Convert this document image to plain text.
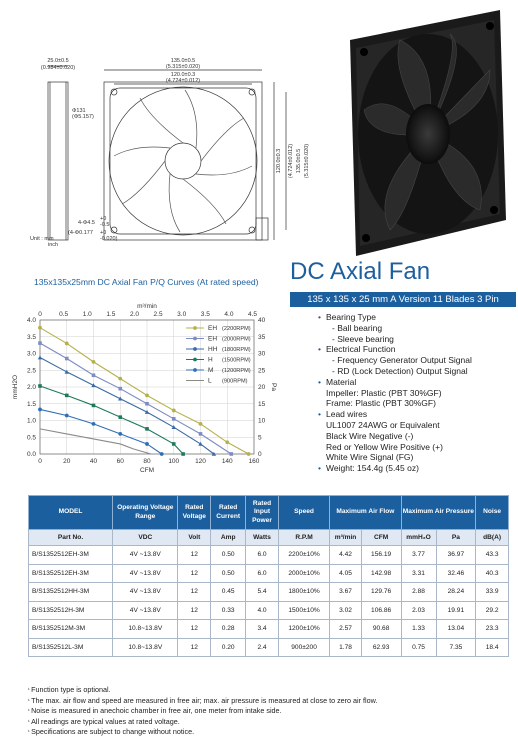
25.0±0.5
(0.984±0.020)
135.0±0.5
(5.315±0.020)
120.0±0.3
(4.724±0.012)
Φ131
(Φ5.157)
4-Φ4.5
+0
-0.5
(4-Φ0.177 +0
-0.020)
Unit : mm
inch
120.0±0.3 (4.724±0.012) 135.0±0.5 (5.315±0.020)
135x135x25mm DC Axial Fan P/Q Curves (At rated speed)
0	20	40	60	80	100 120 140 160
0.0
0.5
1.0
1.5
2.0
2.5
3.0
3.5
4.0
0
5
10
15
20
25
30
35
40
0	0.5 1.0 1.5 2.0 2.5 3.0 3.5 4.0 4.5
m³/min
CFM
mmH2O	Pa
EH (2200RPM)
EH (2000RPM)
HH (1800RPM)
H (1500RPM)
M (1200RPM)
L (900RPM)
DC Axial Fan
135 x 135 x 25 mm A Version 11 Blades 3 Pin
• Bearing Type
- Ball bearing
- Sleeve bearing
• Electrical Function
- Frequency Generator Output Signal
- RD (Lock Detection) Output Signal
• Material
Impeller: Plastic (PBT 30%GF)
Frame: Plastic (PBT 30%GF)
• Lead wires
UL1007 24AWG or Equivalent
Black Wire Negative (-)
Red or Yellow Wire Positive (+)
White Wire Signal (FG)
• Weight: 154.4g (5.45 oz)
MODEL	Operating Voltage Range	Rated Voltage	Rated Current	Rated Input Power	Speed	Maximum Air Flow		Maximum Air Pressure		Noise
Part No.	VDC	Volt	Amp	Watts	R.P.M	m³/min	CFM	mmH₂O	Pa	dB(A)
B/S1352512EH-3M	4V ~13.8V	12	0.50	6.0	2200±10%	4.42	156.19	3.77	36.97	43.3
B/S1352512EH-3M	4V ~13.8V	12	0.50	6.0	2000±10%	4.05	142.98	3.31	32.46	40.3
B/S1352512HH-3M	4V ~13.8V	12	0.45	5.4	1800±10%	3.67	129.76	2.88	28.24	33.9
B/S1352512H-3M	4V ~13.8V	12	0.33	4.0	1500±10%	3.02	106.86	2.03	19.91	29.2
B/S1352512M-3M	10.8~13.8V	12	0.28	3.4	1200±10%	2.57	90.68	1.33	13.04	23.3
B/S1352512L-3M	10.8~13.8V	12	0.20	2.4	900±200	1.78	62.93	0.75	7.35	18.4
¹ Function type is optional.
¹ The max. air flow and speed are measured in free air; max. air pressure is measured at close to zero air flow.
¹ Noise is measured in anechoic chamber in free air, one meter from intake side.
¹ All readings are typical values at rated voltage.
¹ Specifications are subject to change without notice.
